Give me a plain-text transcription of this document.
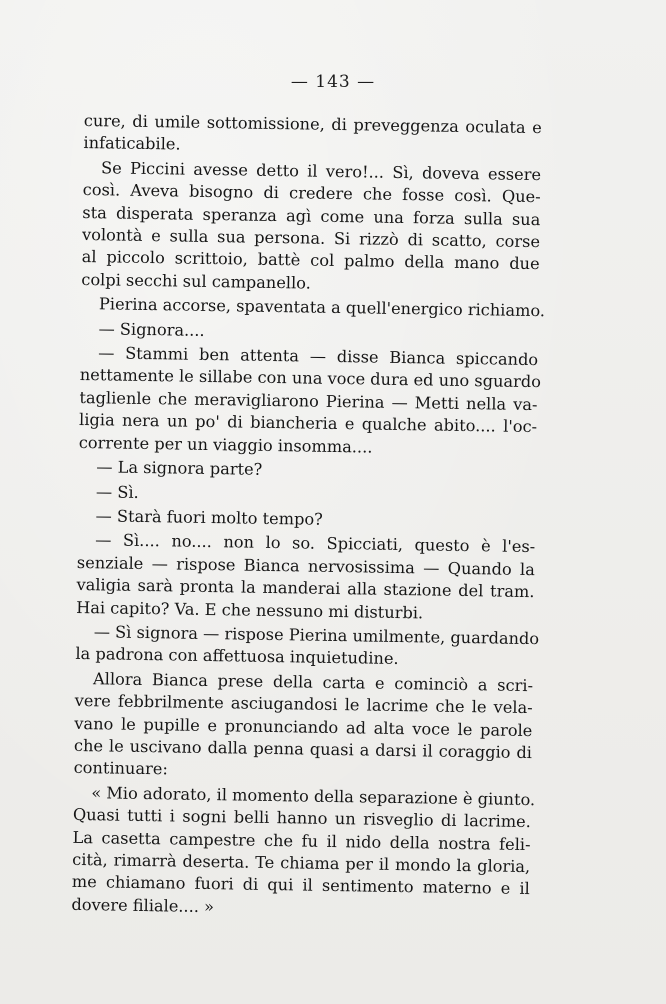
— 143 —
cure, di umile sottomissione, di preveggenza oculata e
infaticabile.
Se Piccini avesse detto il vero!... Sì, doveva essere
così. Aveva bisogno di credere che fosse così. Que-
sta disperata speranza agì come una forza sulla sua
volontà e sulla sua persona. Si rizzò di scatto, corse
al piccolo scrittoio, battè col palmo della mano due
colpi secchi sul campanello.
Pierina accorse, spaventata a quell'energico richiamo.
— Signora....
— Stammi ben attenta — disse Bianca spiccando
nettamente le sillabe con una voce dura ed uno sguardo
taglienle che meravigliarono Pierina — Metti nella va-
ligia nera un po' di biancheria e qualche abito.... l'oc-
corrente per un viaggio insomma....
— La signora parte?
— Sì.
— Starà fuori molto tempo?
— Sì.... no.... non lo so. Spicciati, questo è l'es-
senziale — rispose Bianca nervosissima — Quando la
valigia sarà pronta la manderai alla stazione del tram.
Hai capito? Va. E che nessuno mi disturbi.
— Sì signora — rispose Pierina umilmente, guardando
la padrona con affettuosa inquietudine.
Allora Bianca prese della carta e cominciò a scri-
vere febbrilmente asciugandosi le lacrime che le vela-
vano le pupille e pronunciando ad alta voce le parole
che le uscivano dalla penna quasi a darsi il coraggio di
continuare:
« Mio adorato, il momento della separazione è giunto.
Quasi tutti i sogni belli hanno un risveglio di lacrime.
La casetta campestre che fu il nido della nostra feli-
cità, rimarrà deserta. Te chiama per il mondo la gloria,
me chiamano fuori di qui il sentimento materno e il
dovere filiale.... »
